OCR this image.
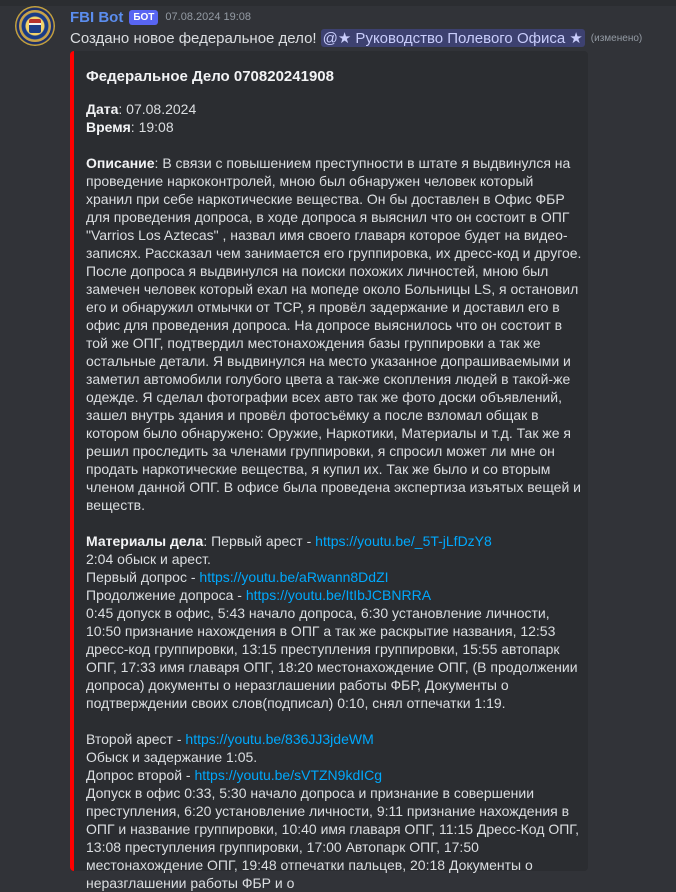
FBI Bot	БОТ	07.08.2024 19:08
Создано новое федеральное дело! @★ Руководство Полевого Офиса ★ (изменено)
Федеральное Дело 070820241908
Дата: 07.08.2024
Время: 19:08
Описание: В связи с повышением преступности в штате я выдвинулся на проведение наркоконтролей, мною был обнаружен человек который хранил при себе наркотические вещества. Он бы доставлен в Офис ФБР для проведения допроса, в ходе допроса я выяснил что он состоит в ОПГ "Varrios Los Aztecas" , назвал имя своего главаря которое будет на видео-записях. Рассказал чем занимается его группировка, их дресс-код и другое. После допроса я выдвинулся на поиски похожих личностей, мною был замечен человек который ехал на мопеде около Больницы LS, я остановил его и обнаружил отмычки от TCP, я провёл задержание и доставил его в офис для проведения допроса. На допросе выяснилось что он состоит в той же ОПГ, подтвердил местонахождения базы группировки а так же остальные детали. Я выдвинулся на место указанное допрашиваемыми и заметил автомобили голубого цвета а так-же скопления людей в такой-же одежде. Я сделал фотографии всех авто так же фото доски объявлений, зашел внутрь здания и провёл фотосъёмку а после взломал общак в котором было обнаружено: Оружие, Наркотики, Материалы и т.д. Так же я решил проследить за членами группировки, я спросил может ли мне он продать наркотические вещества, я купил их. Так же было и со вторым членом данной ОПГ. В офисе была проведена экспертиза изъятых вещей и веществ.
Материалы дела: Первый арест - https://youtu.be/_5T-jLfDzY8
2:04 обыск и арест.
Первый допрос - https://youtu.be/aRwann8DdZI
Продолжение допроса - https://youtu.be/ItIbJCBNRRA
0:45 допуск в офис, 5:43 начало допроса, 6:30 установление личности, 10:50 признание нахождения в ОПГ а так же раскрытие названия, 12:53 дресс-код группировки, 13:15 преступления группировки, 15:55 автопарк ОПГ, 17:33 имя главаря ОПГ, 18:20 местонахождение ОПГ, (В продолжении допроса) документы о неразглашении работы ФБР, Документы о подтверждении своих слов(подписал) 0:10, снял отпечатки 1:19.
Второй арест - https://youtu.be/836JJ3jdeWM
Обыск и задержание 1:05.
Допрос второй - https://youtu.be/sVTZN9kdICg
Допуск в офис 0:33, 5:30 начало допроса и признание в совершении преступления, 6:20 установление личности, 9:11 признание нахождения в ОПГ и название группировки, 10:40 имя главаря ОПГ, 11:15 Дресс-Код ОПГ, 13:08 преступления группировки, 17:00 Автопарк ОПГ, 17:50 местонахождение ОПГ, 19:48 отпечатки пальцев, 20:18 Документы о неразглашении работы ФБР и о
